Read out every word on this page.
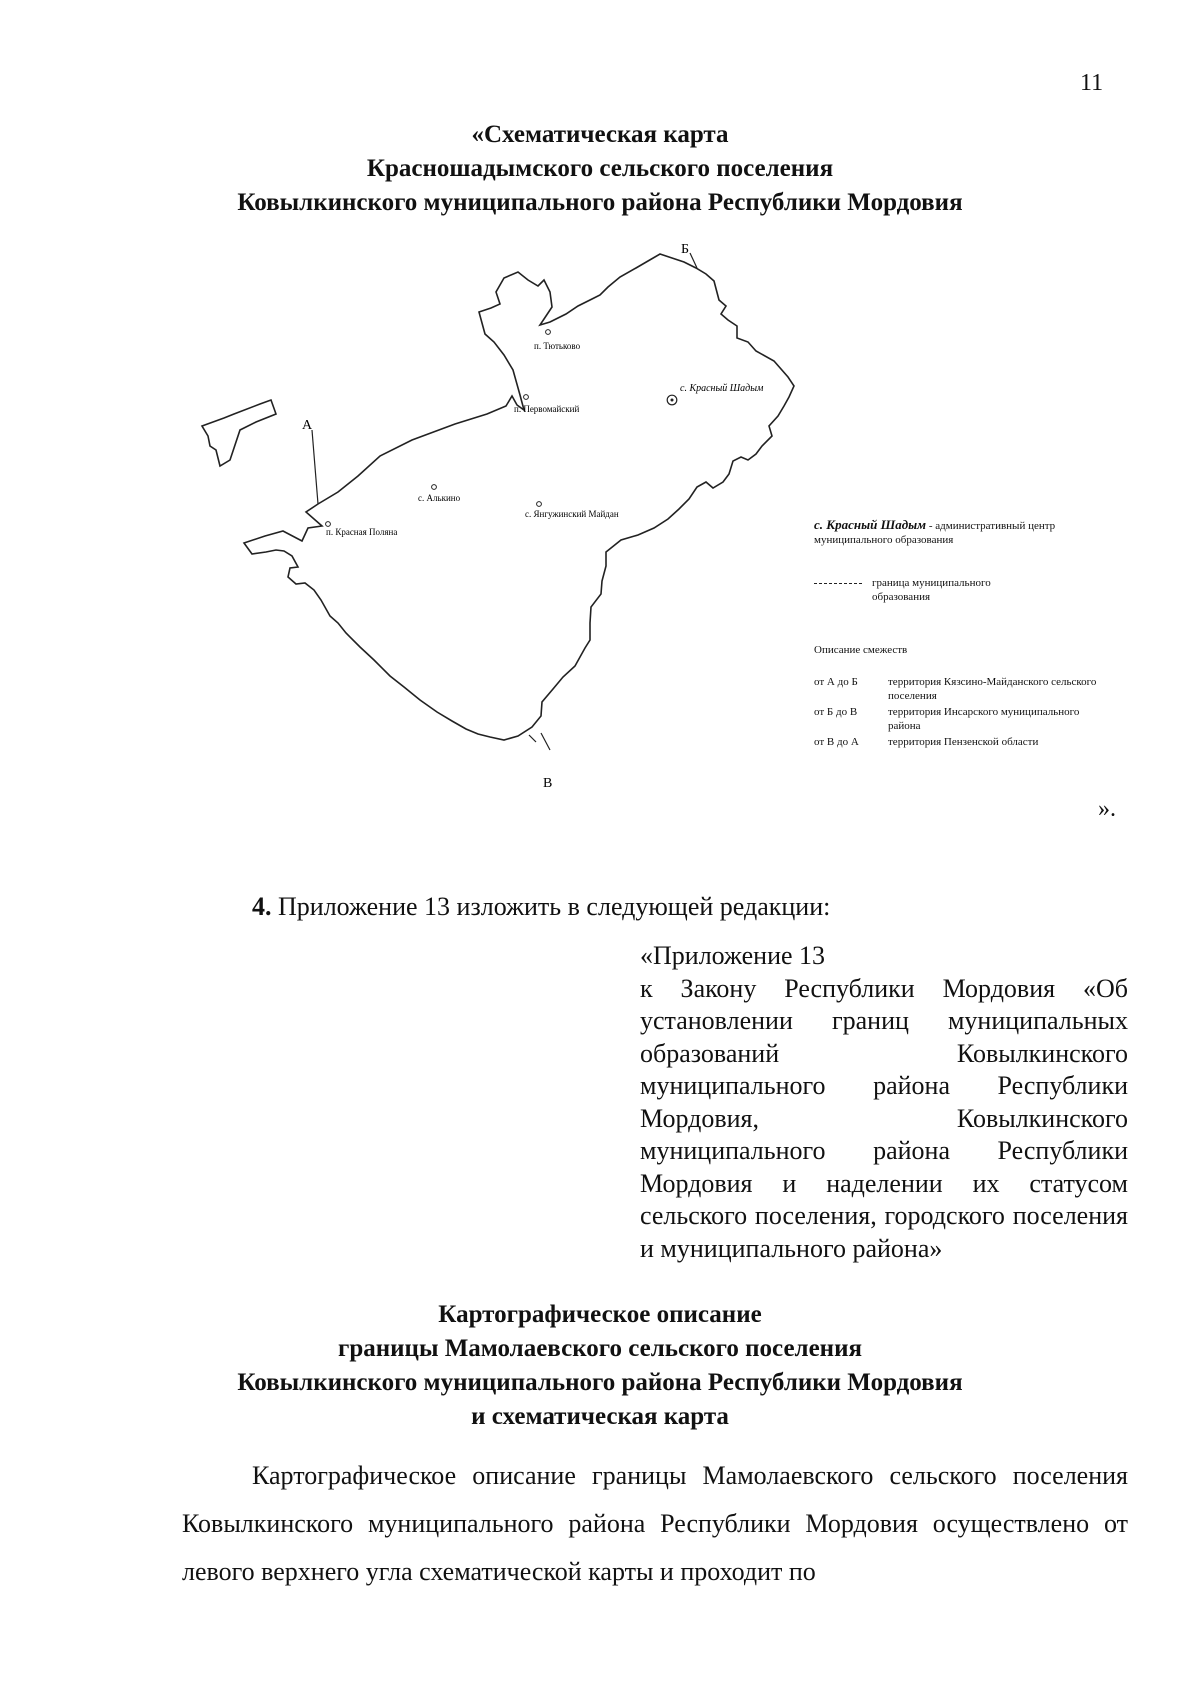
11
«Схематическая карта
Красношадымского сельского поселения
Ковылкинского муниципального района Республики Мордовия
Б
А
В
п. Тютьково
п. Первомайский
с. Красный Шадым
с. Алькино
с. Янгужинский Майдан
п. Красная Поляна	с. Красный Шадым - административный центр муниципального образования
граница муниципального образования
Описание смежеств
от А до Б	территория Кязсино-Майданского сельского поселения
от Б до В	территория Инсарского муниципального района
от В до А	территория Пензенской области
».
4. Приложение 13 изложить в следующей редакции:
«Приложение 13
к Закону Республики Мордовия «Об установлении границ муниципальных образований Ковылкинского муниципального района Республики Мордовия, Ковылкинского муниципального района Республики Мордовия и наделении их статусом сельского поселения, городского поселения и муниципального района»
Картографическое описание
границы Мамолаевского сельского поселения
Ковылкинского муниципального района Республики Мордовия
и схематическая карта
Картографическое описание границы Мамолаевского сельского поселения Ковылкинского муниципального района Республики Мордовия осуществлено от левого верхнего угла схематической карты и проходит по
